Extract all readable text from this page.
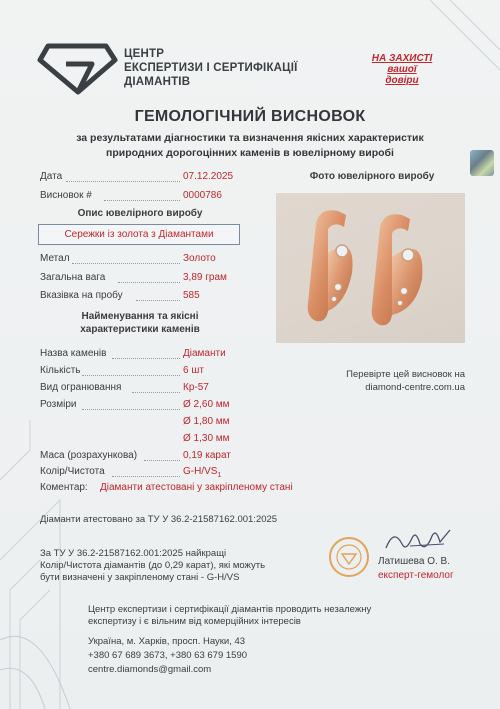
ЦЕНТР
ЕКСПЕРТИЗИ І СЕРТИФІКАЦІЇ
ДІАМАНТІВ
НА ЗАХИСТІ
вашої
довіри
ГЕМОЛОГІЧНИЙ ВИСНОВОК
за результатами діагностики та визначення якісних характеристик
природних дорогоцінних каменів в ювелірному виробі
Дата	07.12.2025
Висновок #	0000786
Опис ювелірного виробу
Сережки із золота з Діамантами
Метал	Золото
Загальна вага	3,89 грам
Вказівка на пробу	585
Найменування та якісні
характеристики каменів
Назва каменів	Діаманти
Кількість	6 шт
Вид огранювання	Кр-57
Розміри	Ø 2,60 мм
Ø 1,80 мм
Ø 1,30 мм
Маса (розрахункова)	0,19 карат
Колір/Чистота	$G-H/VS_1$
Коментар: Діаманти атестовані у закріпленому стані
Фото ювелірного виробу
Перевірте цей висновок на
diamond-centre.com.ua
Діаманти атестовано за ТУ У 36.2-21587162.001:2025
За ТУ У 36.2-21587162.001:2025 найкращі
Колір/Чистота діамантів (до 0,29 карат), які можуть
бути визначені у закріпленому стані - G-H/VS
Латишева О. В.
експерт-гемолог
Центр експертизи і сертифікації діамантів проводить незалежну
експертизу і є вільним від комерційних інтересів
Україна, м. Харків, просп. Науки, 43
+380 67 689 3673, +380 63 679 1590
centre.diamonds@gmail.com
